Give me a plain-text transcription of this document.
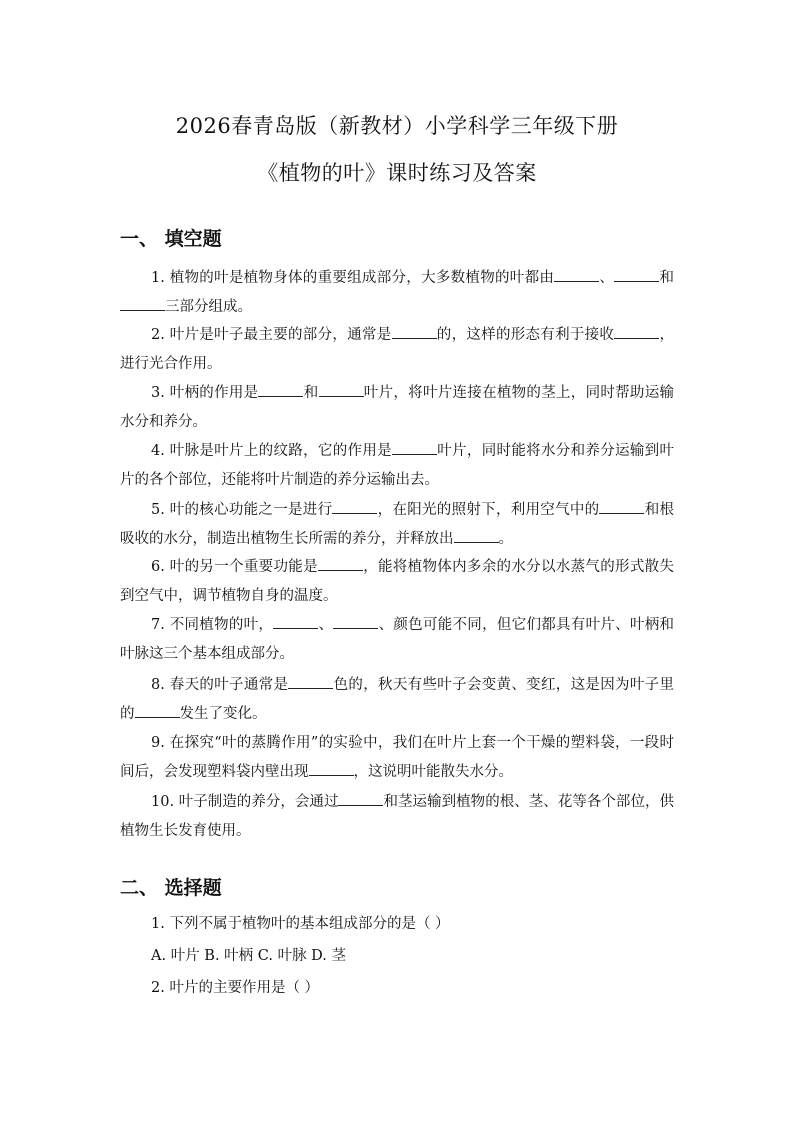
2026春青岛版（新教材）小学科学三年级下册
《植物的叶》课时练习及答案
一、 填空题
1. 植物的叶是植物身体的重要组成部分，大多数植物的叶都由	、	和三部分组成。
2. 叶片是叶子最主要的部分，通常是	的，这样的形态有利于接收	，进行光合作用。
3. 叶柄的作用是	和	叶片，将叶片连接在植物的茎上，同时帮助运输水分和养分。
4. 叶脉是叶片上的纹路，它的作用是	叶片，同时能将水分和养分运输到叶片的各个部位，还能将叶片制造的养分运输出去。
5. 叶的核心功能之一是进行	，在阳光的照射下，利用空气中的	和根吸收的水分，制造出植物生长所需的养分，并释放出	。
6. 叶的另一个重要功能是	，能将植物体内多余的水分以水蒸气的形式散失到空气中，调节植物自身的温度。
7. 不同植物的叶，	、	、颜色可能不同，但它们都具有叶片、叶柄和叶脉这三个基本组成部分。
8. 春天的叶子通常是	色的，秋天有些叶子会变黄、变红，这是因为叶子里的	发生了变化。
9. 在探究“叶的蒸腾作用”的实验中，我们在叶片上套一个干燥的塑料袋，一段时间后，会发现塑料袋内壁出现	，这说明叶能散失水分。
10. 叶子制造的养分，会通过	和茎运输到植物的根、茎、花等各个部位，供植物生长发育使用。
二、 选择题
1. 下列不属于植物叶的基本组成部分的是（ ）
A. 叶片 B. 叶柄 C. 叶脉 D. 茎
2. 叶片的主要作用是（ ）
